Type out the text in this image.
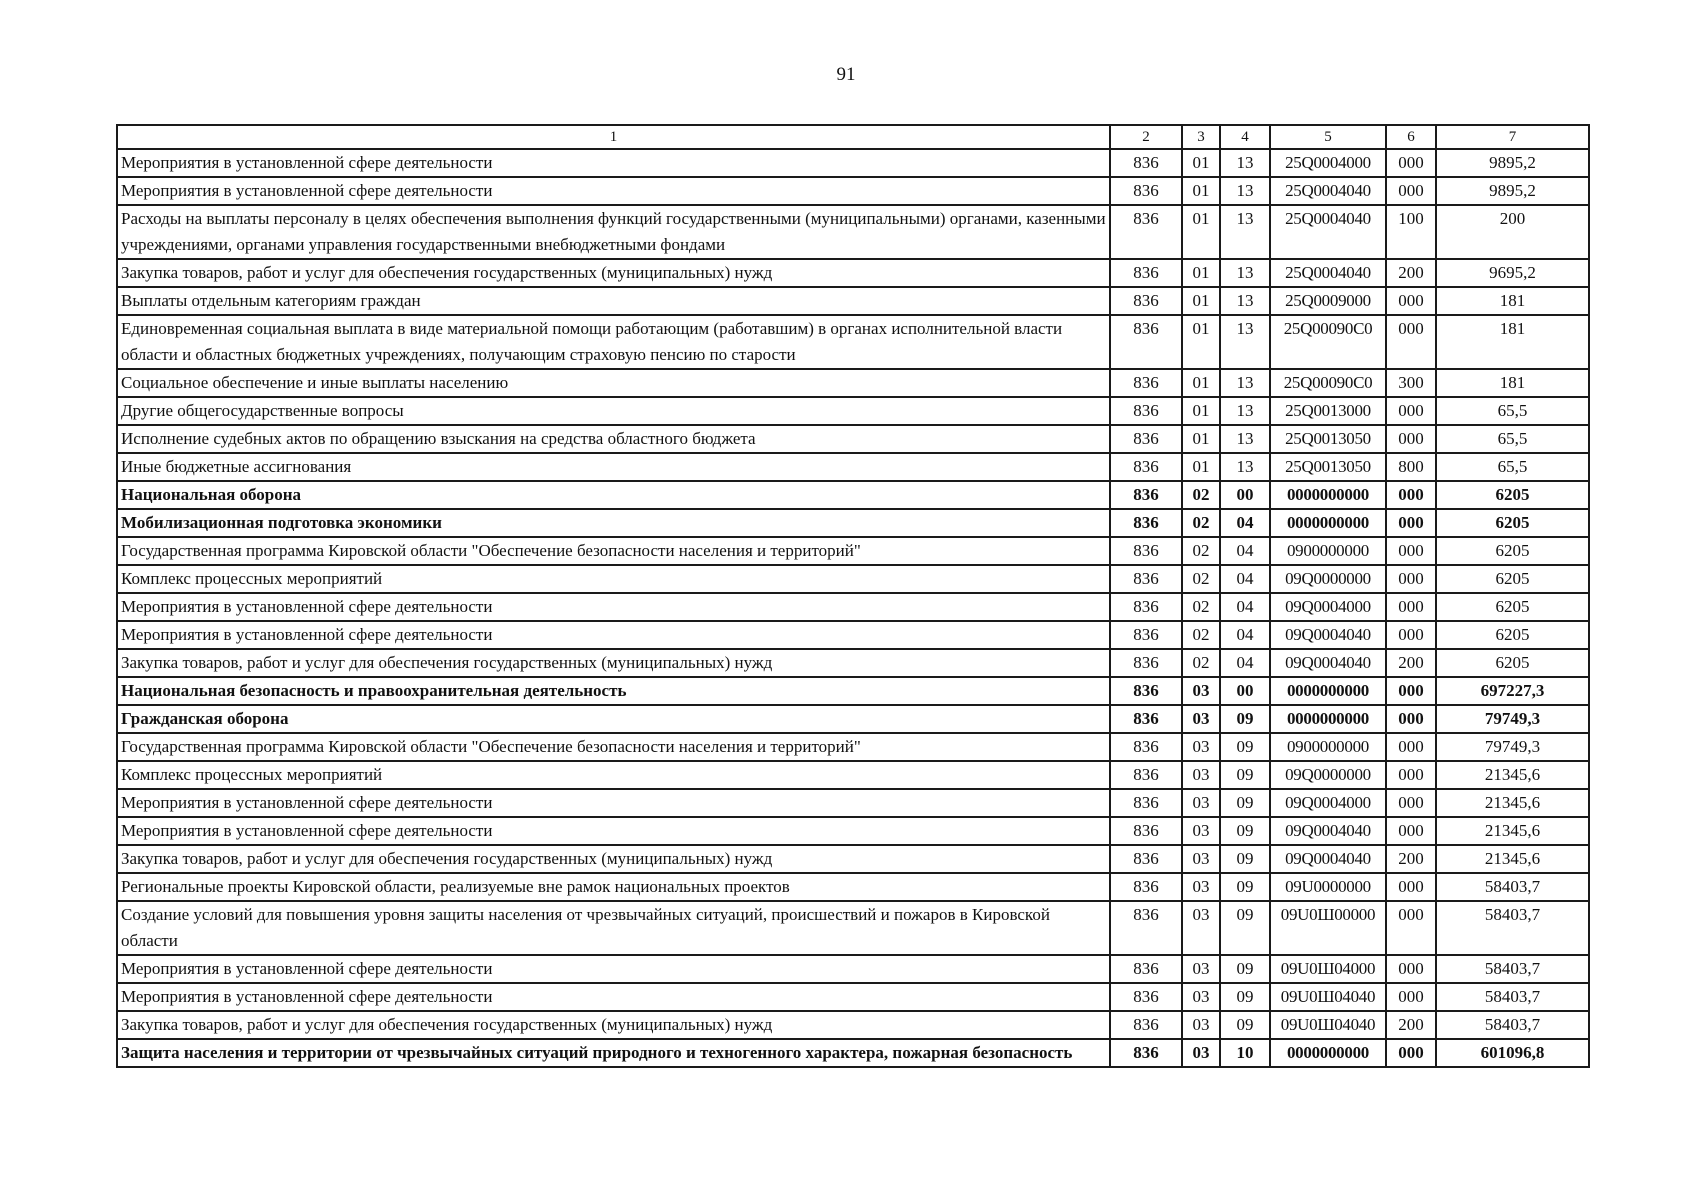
91
1	2	3	4	5	6	7
Мероприятия в установленной сфере деятельности	836	01	13	25Q0004000	000	9895,2
Мероприятия в установленной сфере деятельности	836	01	13	25Q0004040	000	9895,2
Расходы на выплаты персоналу в целях обеспечения выполнения функций государственными (муниципальными) органами, казенными учреждениями, органами управления государственными внебюджетными фондами	836	01	13	25Q0004040	100	200
Закупка товаров, работ и услуг для обеспечения государственных (муниципальных) нужд	836	01	13	25Q0004040	200	9695,2
Выплаты отдельным категориям граждан	836	01	13	25Q0009000	000	181
Единовременная социальная выплата в виде материальной помощи работающим (работавшим) в органах исполнительной власти области и областных бюджетных учреждениях, получающим страховую пенсию по старости	836	01	13	25Q00090C0	000	181
Социальное обеспечение и иные выплаты населению	836	01	13	25Q00090C0	300	181
Другие общегосударственные вопросы	836	01	13	25Q0013000	000	65,5
Исполнение судебных актов по обращению взыскания на средства областного бюджета	836	01	13	25Q0013050	000	65,5
Иные бюджетные ассигнования	836	01	13	25Q0013050	800	65,5
Национальная оборона	836	02	00	0000000000	000	6205
Мобилизационная подготовка экономики	836	02	04	0000000000	000	6205
Государственная программа Кировской области "Обеспечение безопасности населения и территорий"	836	02	04	0900000000	000	6205
Комплекс процессных мероприятий	836	02	04	09Q0000000	000	6205
Мероприятия в установленной сфере деятельности	836	02	04	09Q0004000	000	6205
Мероприятия в установленной сфере деятельности	836	02	04	09Q0004040	000	6205
Закупка товаров, работ и услуг для обеспечения государственных (муниципальных) нужд	836	02	04	09Q0004040	200	6205
Национальная безопасность и правоохранительная деятельность	836	03	00	0000000000	000	697227,3
Гражданская оборона	836	03	09	0000000000	000	79749,3
Государственная программа Кировской области "Обеспечение безопасности населения и территорий"	836	03	09	0900000000	000	79749,3
Комплекс процессных мероприятий	836	03	09	09Q0000000	000	21345,6
Мероприятия в установленной сфере деятельности	836	03	09	09Q0004000	000	21345,6
Мероприятия в установленной сфере деятельности	836	03	09	09Q0004040	000	21345,6
Закупка товаров, работ и услуг для обеспечения государственных (муниципальных) нужд	836	03	09	09Q0004040	200	21345,6
Региональные проекты Кировской области, реализуемые вне рамок национальных проектов	836	03	09	09U0000000	000	58403,7
Создание условий для повышения уровня защиты населения от чрезвычайных ситуаций, происшествий и пожаров в Кировской области	836	03	09	09U0Ш00000	000	58403,7
Мероприятия в установленной сфере деятельности	836	03	09	09U0Ш04000	000	58403,7
Мероприятия в установленной сфере деятельности	836	03	09	09U0Ш04040	000	58403,7
Закупка товаров, работ и услуг для обеспечения государственных (муниципальных) нужд	836	03	09	09U0Ш04040	200	58403,7
Защита населения и территории от чрезвычайных ситуаций природного и техногенного характера, пожарная безопасность	836	03	10	0000000000	000	601096,8
